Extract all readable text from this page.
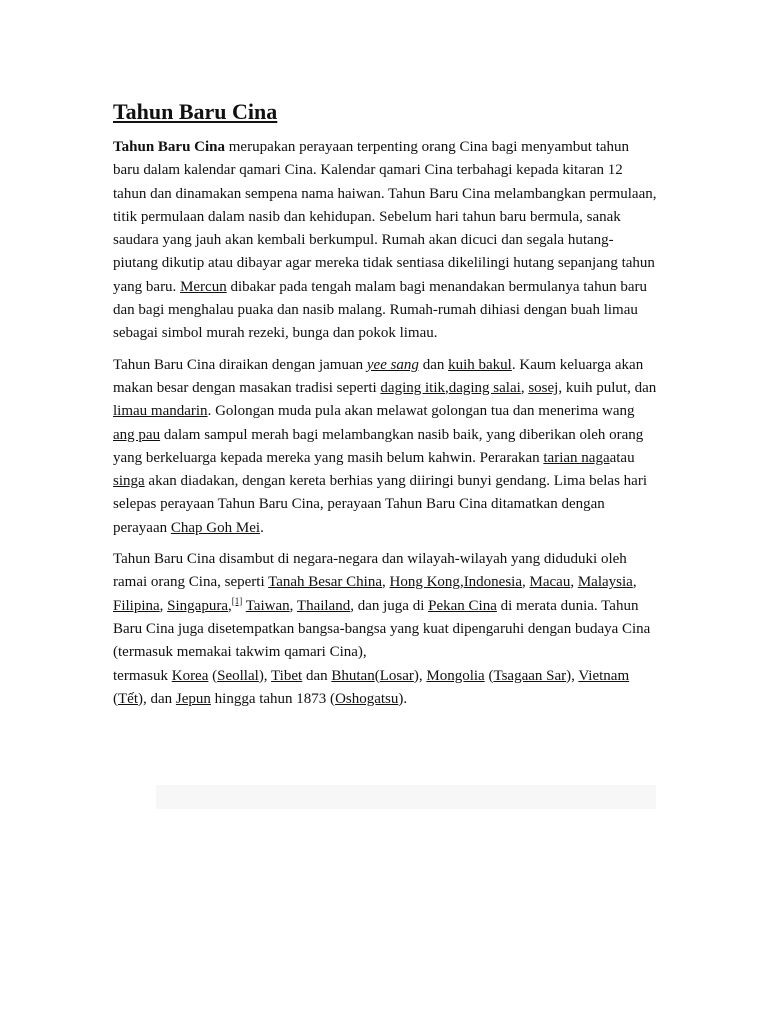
Tahun Baru Cina

Tahun Baru Cina merupakan perayaan terpenting orang Cina bagi menyambut tahun baru dalam kalendar qamari Cina. Kalendar qamari Cina terbahagi kepada kitaran 12 tahun dan dinamakan sempena nama haiwan. Tahun Baru Cina melambangkan permulaan, titik permulaan dalam nasib dan kehidupan. Sebelum hari tahun baru bermula, sanak saudara yang jauh akan kembali berkumpul. Rumah akan dicuci dan segala hutang-piutang dikutip atau dibayar agar mereka tidak sentiasa dikelilingi hutang sepanjang tahun yang baru. Mercun dibakar pada tengah malam bagi menandakan bermulanya tahun baru dan bagi menghalau puaka dan nasib malang. Rumah-rumah dihiasi dengan buah limau sebagai simbol murah rezeki, bunga dan pokok limau.

Tahun Baru Cina diraikan dengan jamuan yee sang dan kuih bakul. Kaum keluarga akan makan besar dengan masakan tradisi seperti daging itik,daging salai, sosej, kuih pulut, dan limau mandarin. Golongan muda pula akan melawat golongan tua dan menerima wang ang pau dalam sampul merah bagi melambangkan nasib baik, yang diberikan oleh orang yang berkeluarga kepada mereka yang masih belum kahwin. Perarakan tarian nagaatau singa akan diadakan, dengan kereta berhias yang diiringi bunyi gendang. Lima belas hari selepas perayaan Tahun Baru Cina, perayaan Tahun Baru Cina ditamatkan dengan perayaan Chap Goh Mei.

Tahun Baru Cina disambut di negara-negara dan wilayah-wilayah yang diduduki oleh ramai orang Cina, seperti Tanah Besar China, Hong Kong,Indonesia, Macau, Malaysia, Filipina, Singapura,[1] Taiwan, Thailand, dan juga di Pekan Cina di merata dunia. Tahun Baru Cina juga disetempatkan bangsa-bangsa yang kuat dipengaruhi dengan budaya Cina (termasuk memakai takwim qamari Cina),

termasuk Korea (Seollal), Tibet dan Bhutan(Losar), Mongolia (Tsagaan Sar), Vietnam (Tết), dan Jepun hingga tahun 1873 (Oshogatsu).
